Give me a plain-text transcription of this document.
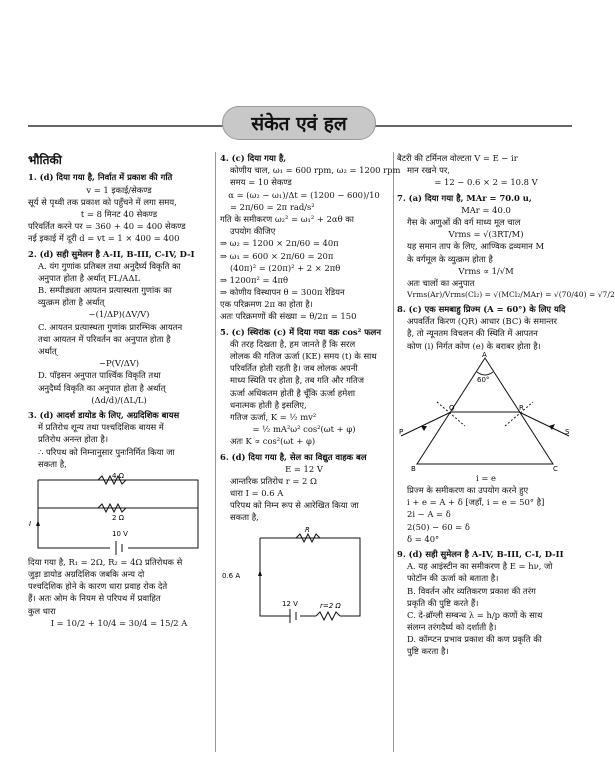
संकेत एवं हल
भौतिकी
1. (d) दिया गया है, निर्वात में प्रकाश की गति
v = 1 इकाई/सेकण्ड
सूर्य से पृथ्वी तक प्रकाश को पहुँचने में लगा समय,
t = 8 मिनट 40 सेकण्ड
परिवर्तित करने पर = 360 + 40 = 400 सेकण्ड
नई इकाई में दूरी d = vt = 1 × 400 = 400
2. (d) सही सुमेलन है A-II, B-III, C-IV, D-I
A. यंग गुणांक प्रतिबल तथा अनुदैर्घ्य विकृति का
अनुपात होता है अर्थात् FL/AΔL
B. सम्पीड्यता आयतन प्रत्यास्थता गुणांक का
व्युत्क्रम होता है अर्थात्
−(1/ΔP)(ΔV/V)
C. आयतन प्रत्यास्थता गुणांक प्रारम्भिक आयतन
तथा आयतन में परिवर्तन का अनुपात होता है
अर्थात्
−P(V/ΔV)
D. पॉइसन अनुपात पार्श्विक विकृति तथा
अनुदैर्घ्य विकृति का अनुपात होता है अर्थात्
(Δd/d)/(ΔL/L)
3. (d) आदर्श डायोड के लिए, अग्रदिशिक बायस
में प्रतिरोध शून्य तथा पश्चदिशिक बायस में
प्रतिरोध अनन्त होता है।
∴ परिपथ को निम्नानुसार पुनःनिर्मित किया जा
सकता है,
4 Ω
2 Ω
10 V
I
दिया गया है, R₁ = 2Ω, R₂ = 4Ω प्रतिरोधक से
जुड़ा डायोड अग्रदिशिक जबकि अन्य दो
पश्चदिशिक होने के कारण धारा प्रवाह रोक देते
हैं। अतः ओम के नियम से परिपथ में प्रवाहित
कुल धारा
I = 10/2 + 10/4 = 30/4 = 15/2 A
4. (c) दिया गया है,
कोणीय चाल, ω₁ = 600 rpm, ω₂ = 1200 rpm
समय = 10 सेकण्ड
α = (ω₂ − ω₁)/Δt = (1200 − 600)/10
= 2π/60 = 2π rad/s²
गति के समीकरण ω₂² = ω₁² + 2αθ का
उपयोग कीजिए
⇒ ω₂ = 1200 × 2π/60 = 40π
⇒ ω₁ = 600 × 2π/60 = 20π
(40π)² = (20π)² + 2 × 2πθ
⇒ 1200π² = 4πθ
⇒ कोणीय विस्थापन θ = 300π रेडियन
एक परिक्रमण 2π का होता है।
अतः परिक्रमणों की संख्या = θ/2π = 150
5. (c) स्थिरांक (c) में दिया गया वक्र cos² फलन
की तरह दिखता है, हम जानते हैं कि सरल
लोलक की गतिज ऊर्जा (KE) समय (t) के साथ
परिवर्तित होती रहती है। जब लोलक अपनी
माध्य स्थिति पर होता है, तब गति और गतिज
ऊर्जा अधिकतम होती है चूँकि ऊर्जा हमेशा
धनात्मक होती है इसलिए,
गतिज ऊर्जा, K = ½ mv²
= ½ mA²ω² cos²(ωt + φ)
अतः K ∝ cos²(ωt + φ)
6. (d) दिया गया है, सेल का विद्युत वाहक बल
E = 12 V
आन्तरिक प्रतिरोध r = 2 Ω
धारा I = 0.6 A
परिपथ को निम्न रूप से आरेखित किया जा
सकता है,
R
0.6 A
12 V	r=2 Ω
बैटरी की टर्मिनल वोल्टता V = E − ir
मान रखने पर,
= 12 − 0.6 × 2 = 10.8 V
7. (a) दिया गया है, MAr = 70.0 u,
MAr = 40.0
गैस के अणुओं की वर्ग माध्य मूल चाल
Vrms = √(3RT/M)
यह समान ताप के लिए, आण्विक द्रव्यमान M
के वर्गमूल के व्युत्क्रम होता है
Vrms ∝ 1/√M
अतः चालों का अनुपात
Vrms(Ar)/Vrms(Cl₂) = √(MCl₂/MAr) = √(70/40) = √7/2
8. (c) एक समबाहु प्रिज्म (A = 60°) के लिए यदि
अपवर्तित किरण (QR) आधार (BC) के समान्तर
है, तो न्यूनतम विचलन की स्थिति में आपतन
कोण (i) निर्गत कोण (e) के बराबर होता है।
A
60°
P
Q	R
S
B	C
i = e
प्रिज्म के समीकरण का उपयोग करने हुए
i + e = A + δ [जहाँ, i = e = 50° है]
2i − A = δ
2(50) − 60 = δ
δ = 40°
9. (d) सही सुमेलन है A-IV, B-III, C-I, D-II
A. यह आइंस्टीन का समीकरण है E = hν, जो
फोटॉन की ऊर्जा को बताता है।
B. विवर्तन और व्यतिकरण प्रकाश की तरंग
प्रकृति की पुष्टि करते हैं।
C. दे-ब्रॉग्ली सम्बन्ध λ = h/p कणों के साथ
संलग्न तरंगदैर्घ्य को दर्शाती है।
D. कॉम्प्टन प्रभाव प्रकाश की कण प्रकृति की
पुष्टि करता है।
